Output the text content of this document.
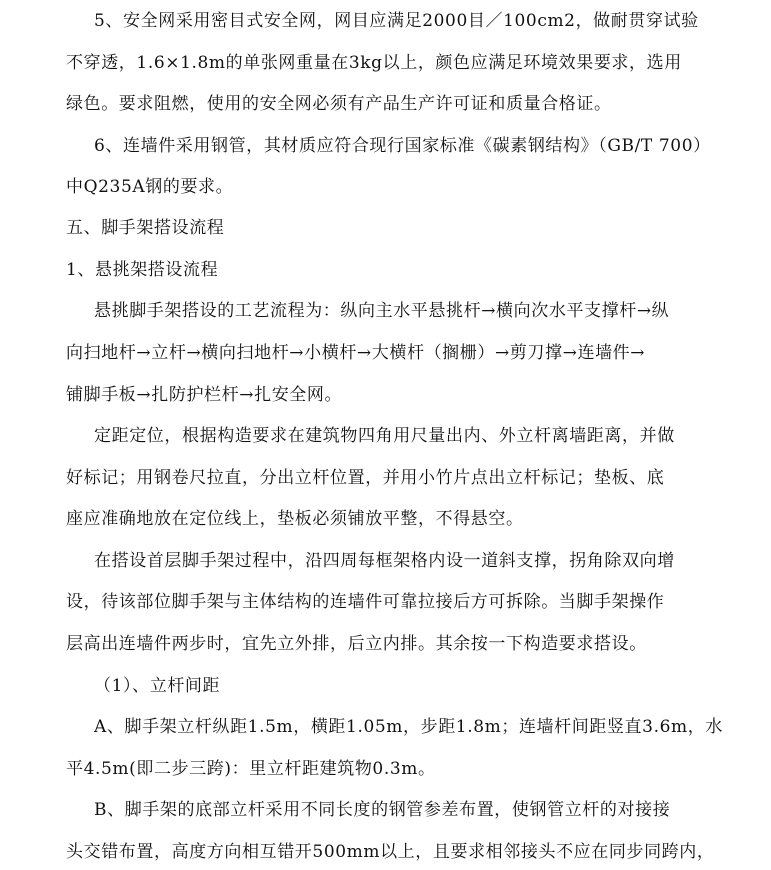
5、安全网采用密目式安全网，网目应满足2000目／100cm2，做耐贯穿试验
不穿透，1.6×1.8m的单张网重量在3kg以上，颜色应满足环境效果要求，选用
绿色。要求阻燃，使用的安全网必须有产品生产许可证和质量合格证。
6、连墙件采用钢管，其材质应符合现行国家标准《碳素钢结构》（GB/T 700）
中Q235A钢的要求。
五、脚手架搭设流程
1、悬挑架搭设流程
悬挑脚手架搭设的工艺流程为：纵向主水平悬挑杆→横向次水平支撑杆→纵
向扫地杆→立杆→横向扫地杆→小横杆→大横杆（搁栅）→剪刀撑→连墙件→
铺脚手板→扎防护栏杆→扎安全网。
定距定位，根据构造要求在建筑物四角用尺量出内、外立杆离墙距离，并做
好标记；用钢卷尺拉直，分出立杆位置，并用小竹片点出立杆标记；垫板、底
座应准确地放在定位线上，垫板必须铺放平整，不得悬空。
在搭设首层脚手架过程中，沿四周每框架格内设一道斜支撑，拐角除双向增
设，待该部位脚手架与主体结构的连墙件可靠拉接后方可拆除。当脚手架操作
层高出连墙件两步时，宜先立外排，后立内排。其余按一下构造要求搭设。
（1）、立杆间距
A、脚手架立杆纵距1.5m，横距1.05m，步距1.8m；连墙杆间距竖直3.6m，水
平4.5m(即二步三跨)：里立杆距建筑物0.3m。
B、脚手架的底部立杆采用不同长度的钢管参差布置，使钢管立杆的对接接
头交错布置，高度方向相互错开500mm以上，且要求相邻接头不应在同步同跨内，
